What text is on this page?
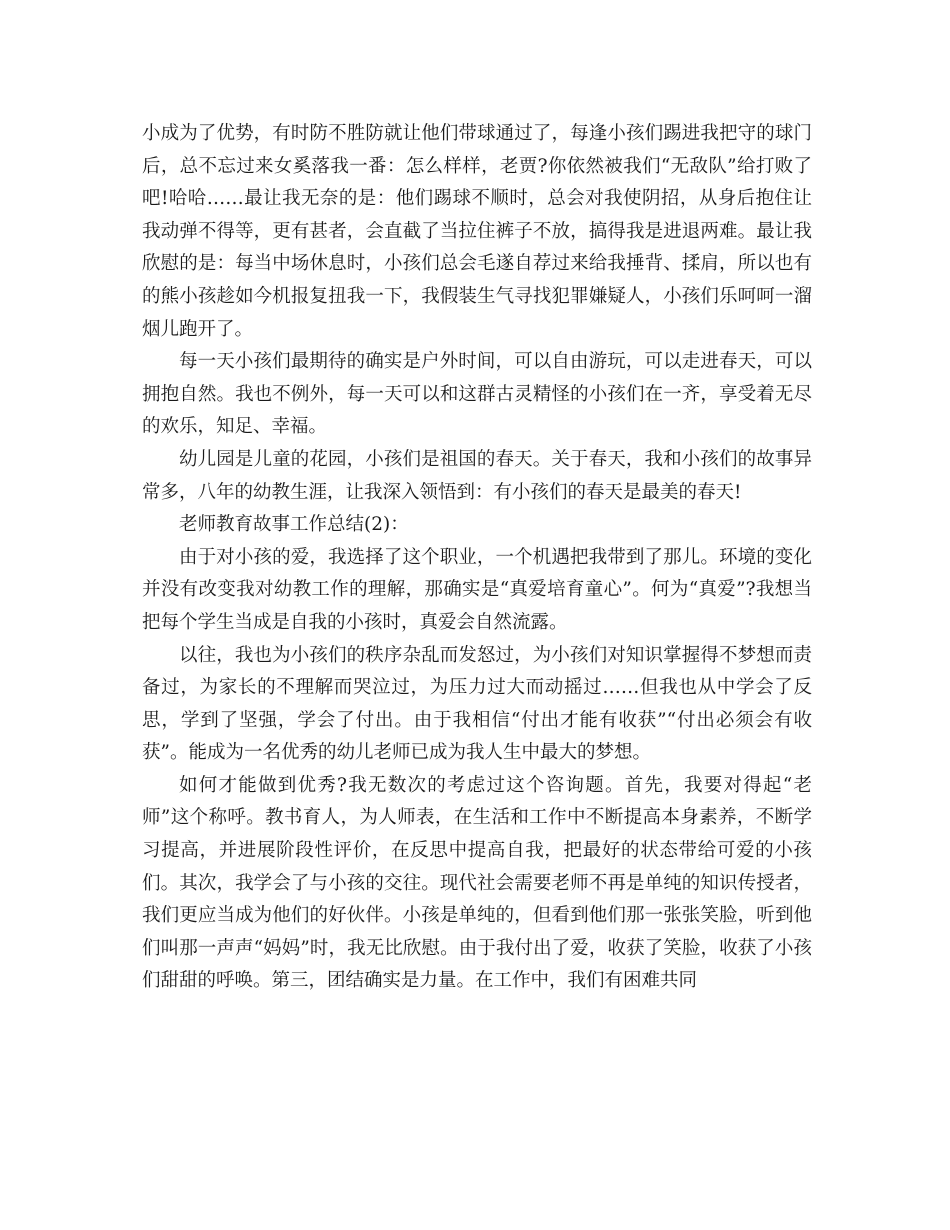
小成为了优势，有时防不胜防就让他们带球通过了，每逢小孩们踢进我把守的球门后，总不忘过来女奚落我一番：怎么样样，老贾?你依然被我们“无敌队”给打败了吧!哈哈……最让我无奈的是：他们踢球不顺时，总会对我使阴招，从身后抱住让我动弹不得等，更有甚者，会直截了当拉住裤子不放，搞得我是进退两难。最让我欣慰的是：每当中场休息时，小孩们总会毛遂自荐过来给我捶背、揉肩，所以也有的熊小孩趁如今机报复扭我一下，我假装生气寻找犯罪嫌疑人，小孩们乐呵呵一溜烟儿跑开了。

每一天小孩们最期待的确实是户外时间，可以自由游玩，可以走进春天，可以拥抱自然。我也不例外，每一天可以和这群古灵精怪的小孩们在一齐，享受着无尽的欢乐，知足、幸福。

幼儿园是儿童的花园，小孩们是祖国的春天。关于春天，我和小孩们的故事异常多，八年的幼教生涯，让我深入领悟到：有小孩们的春天是最美的春天!

老师教育故事工作总结(2)：

由于对小孩的爱，我选择了这个职业，一个机遇把我带到了那儿。环境的变化并没有改变我对幼教工作的理解，那确实是“真爱培育童心”。何为“真爱”?我想当把每个学生当成是自我的小孩时，真爱会自然流露。

以往，我也为小孩们的秩序杂乱而发怒过，为小孩们对知识掌握得不梦想而责备过，为家长的不理解而哭泣过，为压力过大而动摇过……但我也从中学会了反思，学到了坚强，学会了付出。由于我相信“付出才能有收获”“付出必须会有收获”。能成为一名优秀的幼儿老师已成为我人生中最大的梦想。

如何才能做到优秀?我无数次的考虑过这个咨询题。首先，我要对得起“老师”这个称呼。教书育人，为人师表，在生活和工作中不断提高本身素养，不断学习提高，并进展阶段性评价，在反思中提高自我，把最好的状态带给可爱的小孩们。其次，我学会了与小孩的交往。现代社会需要老师不再是单纯的知识传授者，我们更应当成为他们的好伙伴。小孩是单纯的，但看到他们那一张张笑脸，听到他们叫那一声声“妈妈”时，我无比欣慰。由于我付出了爱，收获了笑脸，收获了小孩们甜甜的呼唤。第三，团结确实是力量。在工作中，我们有困难共同
